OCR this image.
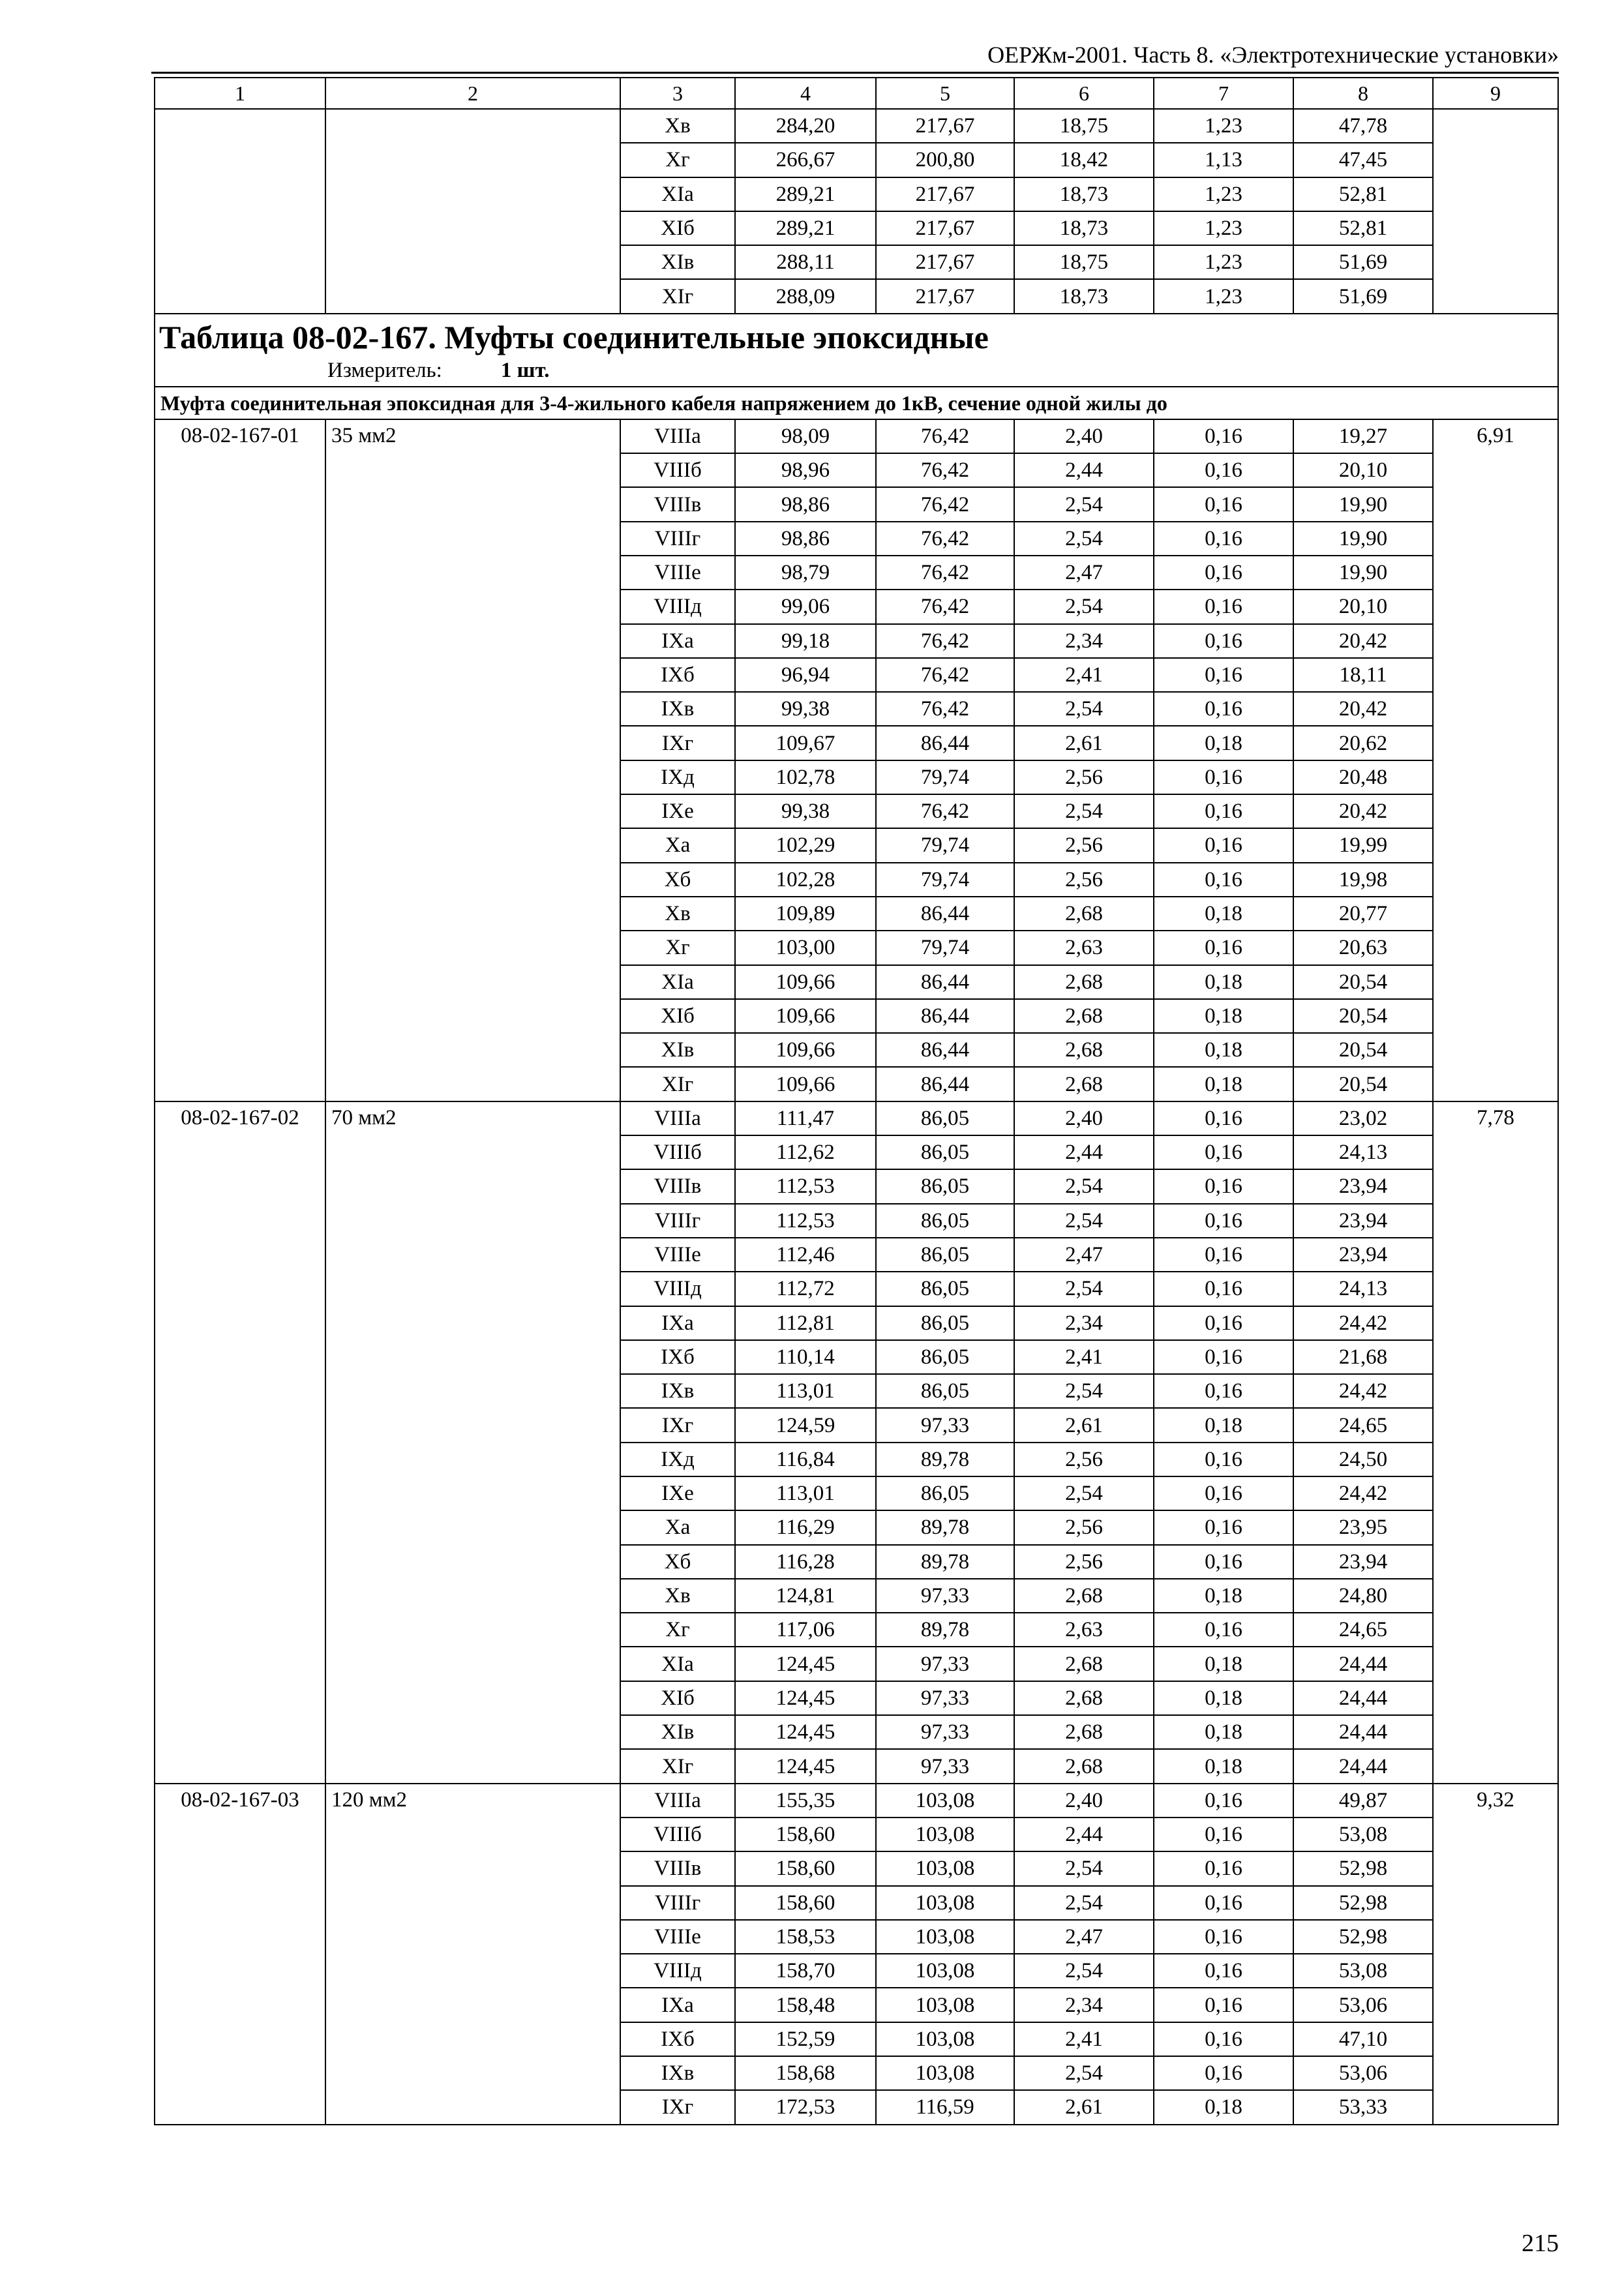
ОЕРЖм-2001. Часть 8. «Электротехнические установки»
1	2	3	4	5	6	7	8	9
		Хв	284,20	217,67	18,75	1,23	47,78	
		Хг	266,67	200,80	18,42	1,13	47,45	
		XIа	289,21	217,67	18,73	1,23	52,81	
		XIб	289,21	217,67	18,73	1,23	52,81	
		XIв	288,11	217,67	18,75	1,23	51,69	
		XIг	288,09	217,67	18,73	1,23	51,69	

Таблица 08-02-167. Муфты соединительные эпоксидные
Измеритель: 1 шт.								

Муфта соединительная эпоксидная для 3-4-жильного кабеля напряжением до 1кВ, сечение одной жилы до								
08-02-167-01	35 мм2	VIIIа	98,09	76,42	2,40	0,16	19,27	6,91
		VIIIб	98,96	76,42	2,44	0,16	20,10	
		VIIIв	98,86	76,42	2,54	0,16	19,90	
		VIIIг	98,86	76,42	2,54	0,16	19,90	
		VIIIе	98,79	76,42	2,47	0,16	19,90	
		VIIIд	99,06	76,42	2,54	0,16	20,10	
		IXа	99,18	76,42	2,34	0,16	20,42	
		IXб	96,94	76,42	2,41	0,16	18,11	
		IXв	99,38	76,42	2,54	0,16	20,42	
		IXг	109,67	86,44	2,61	0,18	20,62	
		IXд	102,78	79,74	2,56	0,16	20,48	
		IXе	99,38	76,42	2,54	0,16	20,42	
		Ха	102,29	79,74	2,56	0,16	19,99	
		Хб	102,28	79,74	2,56	0,16	19,98	
		Хв	109,89	86,44	2,68	0,18	20,77	
		Хг	103,00	79,74	2,63	0,16	20,63	
		XIа	109,66	86,44	2,68	0,18	20,54	
		XIб	109,66	86,44	2,68	0,18	20,54	
		XIв	109,66	86,44	2,68	0,18	20,54	
		XIг	109,66	86,44	2,68	0,18	20,54	
08-02-167-02	70 мм2	VIIIа	111,47	86,05	2,40	0,16	23,02	7,78
		VIIIб	112,62	86,05	2,44	0,16	24,13	
		VIIIв	112,53	86,05	2,54	0,16	23,94	
		VIIIг	112,53	86,05	2,54	0,16	23,94	
		VIIIе	112,46	86,05	2,47	0,16	23,94	
		VIIIд	112,72	86,05	2,54	0,16	24,13	
		IXа	112,81	86,05	2,34	0,16	24,42	
		IXб	110,14	86,05	2,41	0,16	21,68	
		IXв	113,01	86,05	2,54	0,16	24,42	
		IXг	124,59	97,33	2,61	0,18	24,65	
		IXд	116,84	89,78	2,56	0,16	24,50	
		IXе	113,01	86,05	2,54	0,16	24,42	
		Ха	116,29	89,78	2,56	0,16	23,95	
		Хб	116,28	89,78	2,56	0,16	23,94	
		Хв	124,81	97,33	2,68	0,18	24,80	
		Хг	117,06	89,78	2,63	0,16	24,65	
		XIа	124,45	97,33	2,68	0,18	24,44	
		XIб	124,45	97,33	2,68	0,18	24,44	
		XIв	124,45	97,33	2,68	0,18	24,44	
		XIг	124,45	97,33	2,68	0,18	24,44	
08-02-167-03	120 мм2	VIIIа	155,35	103,08	2,40	0,16	49,87	9,32
		VIIIб	158,60	103,08	2,44	0,16	53,08	
		VIIIв	158,60	103,08	2,54	0,16	52,98	
		VIIIг	158,60	103,08	2,54	0,16	52,98	
		VIIIе	158,53	103,08	2,47	0,16	52,98	
		VIIIд	158,70	103,08	2,54	0,16	53,08	
		IXа	158,48	103,08	2,34	0,16	53,06	
		IXб	152,59	103,08	2,41	0,16	47,10	
		IXв	158,68	103,08	2,54	0,16	53,06	
		IXг	172,53	116,59	2,61	0,18	53,33	
215
